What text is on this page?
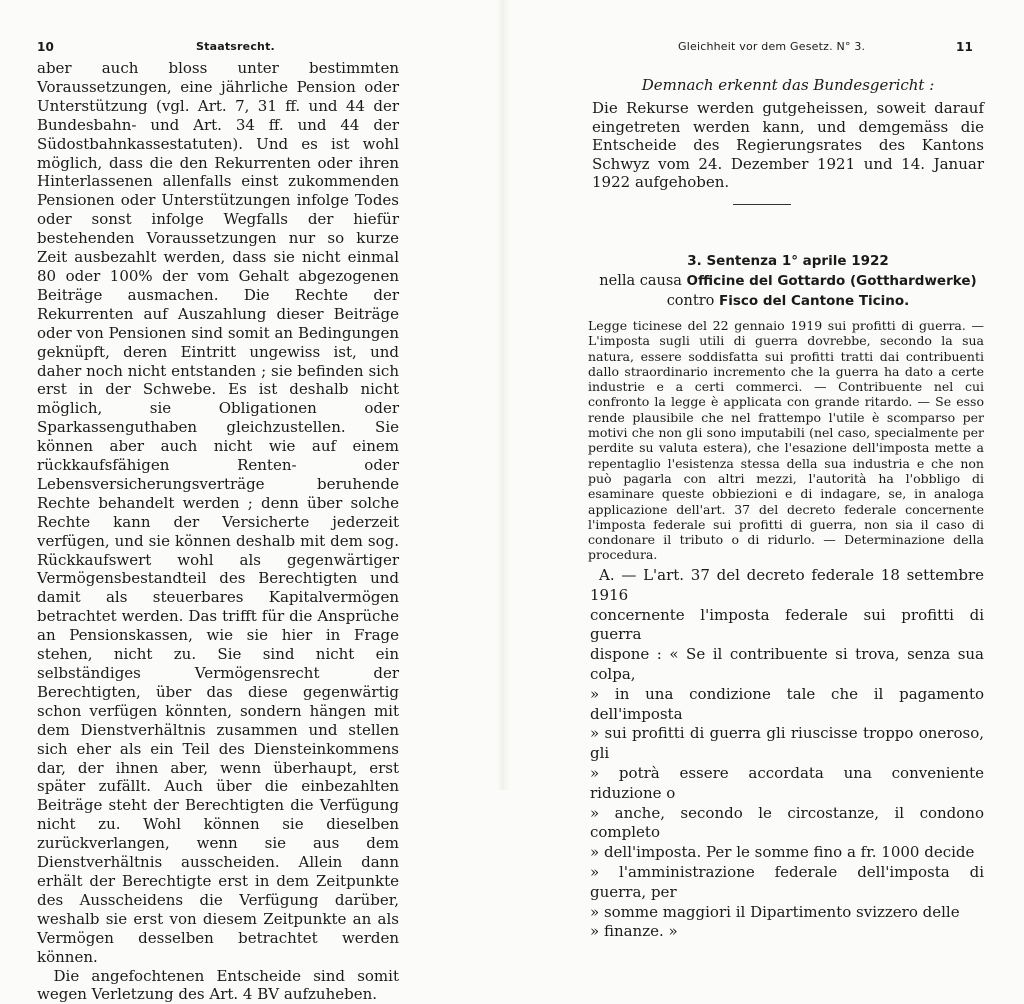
10	Staatsrecht.

aber auch bloss unter bestimmten Voraussetzungen, eine jährliche Pension oder Unterstützung (vgl. Art. 7, 31 ff. und 44 der Bundesbahn- und Art. 34 ff. und 44 der Südostbahnkassestatuten). Und es ist wohl möglich, dass die den Rekurrenten oder ihren Hinterlassenen allenfalls einst zukommenden Pensionen oder Unterstützungen infolge Todes oder sonst infolge Wegfalls der hiefür bestehenden Voraussetzungen nur so kurze Zeit ausbezahlt werden, dass sie nicht einmal 80 oder 100% der vom Gehalt abgezogenen Beiträge ausmachen. Die Rechte der Rekurrenten auf Auszahlung dieser Beiträge oder von Pensionen sind somit an Bedingungen geknüpft, deren Eintritt ungewiss ist, und daher noch nicht entstanden ; sie befinden sich erst in der Schwebe. Es ist deshalb nicht möglich, sie Obligationen oder Sparkassenguthaben gleichzustellen. Sie können aber auch nicht wie auf einem rückkaufsfähigen Renten- oder Lebensversicherungsverträge beruhende Rechte behandelt werden ; denn über solche Rechte kann der Versicherte jederzeit verfügen, und sie können deshalb mit dem sog. Rückkaufswert wohl als gegenwärtiger Vermögensbestandteil des Berechtigten und damit als steuerbares Kapitalvermögen betrachtet werden. Das trifft für die Ansprüche an Pensionskassen, wie sie hier in Frage stehen, nicht zu. Sie sind nicht ein selbständiges Vermögensrecht der Berechtigten, über das diese gegenwärtig schon verfügen könnten, sondern hängen mit dem Dienstverhältnis zusammen und stellen sich eher als ein Teil des Diensteinkommens dar, der ihnen aber, wenn überhaupt, erst später zufällt. Auch über die einbezahlten Beiträge steht der Berechtigten die Verfügung nicht zu. Wohl können sie dieselben zurückverlangen, wenn sie aus dem Dienstverhältnis ausscheiden. Allein dann erhält der Berechtigte erst in dem Zeitpunkte des Ausscheidens die Verfügung darüber, weshalb sie erst von diesem Zeitpunkte an als Vermögen desselben betrachtet werden können.

Die angefochtenen Entscheide sind somit wegen Verletzung des Art. 4 BV aufzuheben.

Gleichheit vor dem Gesetz. N° 3.	11
Demnach erkennt das Bundesgericht :
Die Rekurse werden gutgeheissen, soweit darauf eingetreten werden kann, und demgemäss die Entscheide des Regierungsrates des Kantons Schwyz vom 24. Dezember 1921 und 14. Januar 1922 aufgehoben.
3. Sentenza 1° aprile 1922
nella causa Officine del Gottardo (Gotthardwerke)
contro Fisco del Cantone Ticino.
Legge ticinese del 22 gennaio 1919 sui profitti di guerra. — L'imposta sugli utili di guerra dovrebbe, secondo la sua natura, essere soddisfatta sui profitti tratti dai contribuenti dallo straordinario incremento che la guerra ha dato a certe industrie e a certi commerci. — Contribuente nel cui confronto la legge è applicata con grande ritardo. — Se esso rende plausibile che nel frattempo l'utile è scomparso per motivi che non gli sono imputabili (nel caso, specialmente per perdite su valuta estera), che l'esazione dell'imposta mette a repentaglio l'esistenza stessa della sua industria e che non può pagarla con altri mezzi, l'autorità ha l'obbligo di esaminare queste obbiezioni e di indagare, se, in analoga applicazione dell'art. 37 del decreto federale concernente l'imposta federale sui profitti di guerra, non sia il caso di condonare il tributo o di ridurlo. — Determinazione della procedura.

A. — L'art. 37 del decreto federale 18 settembre 1916

concernente l'imposta federale sui profitti di guerra

dispone : « Se il contribuente si trova, senza sua colpa,

» in una condizione tale che il pagamento dell'imposta

» sui profitti di guerra gli riuscisse troppo oneroso, gli

» potrà essere accordata una conveniente riduzione o

» anche, secondo le circostanze, il condono completo

» dell'imposta. Per le somme fino a fr. 1000 decide

» l'amministrazione federale dell'imposta di guerra, per

» somme maggiori il Dipartimento svizzero delle

» finanze. »
